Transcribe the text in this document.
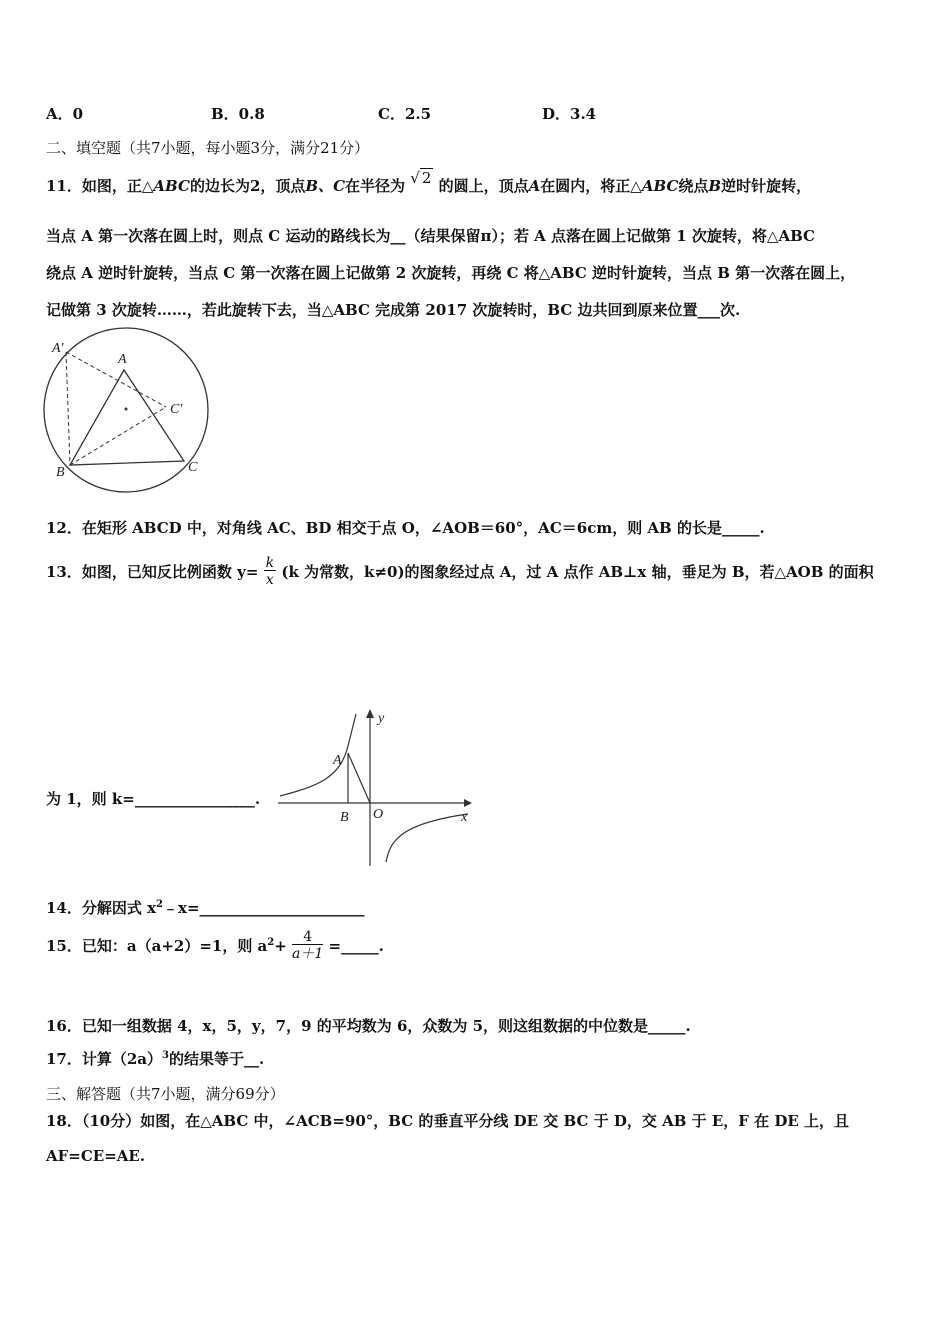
A．0	B．0.8	C．2.5	D．3.4
二、填空题（共7小题，每小题3分，满分21分）
11．如图，正△ABC的边长为2，顶点B、C在半径为 √ 2 的圆上，顶点A在圆内，将正△ABC绕点B逆时针旋转，
当点 A 第一次落在圆上时，则点 C 运动的路线长为__（结果保留π）；若 A 点落在圆上记做第 1 次旋转，将△ABC
绕点 A 逆时针旋转，当点 C 第一次落在圆上记做第 2 次旋转，再绕 C 将△ABC 逆时针旋转，当点 B 第一次落在圆上，
记做第 3 次旋转……，若此旋转下去，当△ABC 完成第 2017 次旋转时，BC 边共回到原来位置___次.
A′
A
C′
B	C
12．在矩形 ABCD 中，对角线 AC、BD 相交于点 O，∠AOB＝60°，AC＝6cm，则 AB 的长是_____.
13．如图，已知反比例函数 $y= \frac{k}{x} (k$ 为常数，k≠0)的图象经过点 A，过 A 点作 AB⊥x 轴，垂足为 B，若△AOB 的面积
为 1，则 k=________________.
y
A
B O	x
14．分解因式 $x^2﹣x=\_\_\_\_\_\_\_\_\_\_\_\_\_\_\_\_\_\_\_\_\_\_$
15．已知：a（a+2）=1，则 $a^2+ \frac{4}{a+1}$ =_____.
16．已知一组数据 4，x，5，y，7，9 的平均数为 6，众数为 5，则这组数据的中位数是_____.
17．计算$(2a)^3$的结果等于__.
三、解答题（共7小题，满分69分）
18．（10分）如图，在△ABC 中，∠ACB=90°，BC 的垂直平分线 DE 交 BC 于 D，交 AB 于 E，F 在 DE 上，且
AF=CE=AE.
